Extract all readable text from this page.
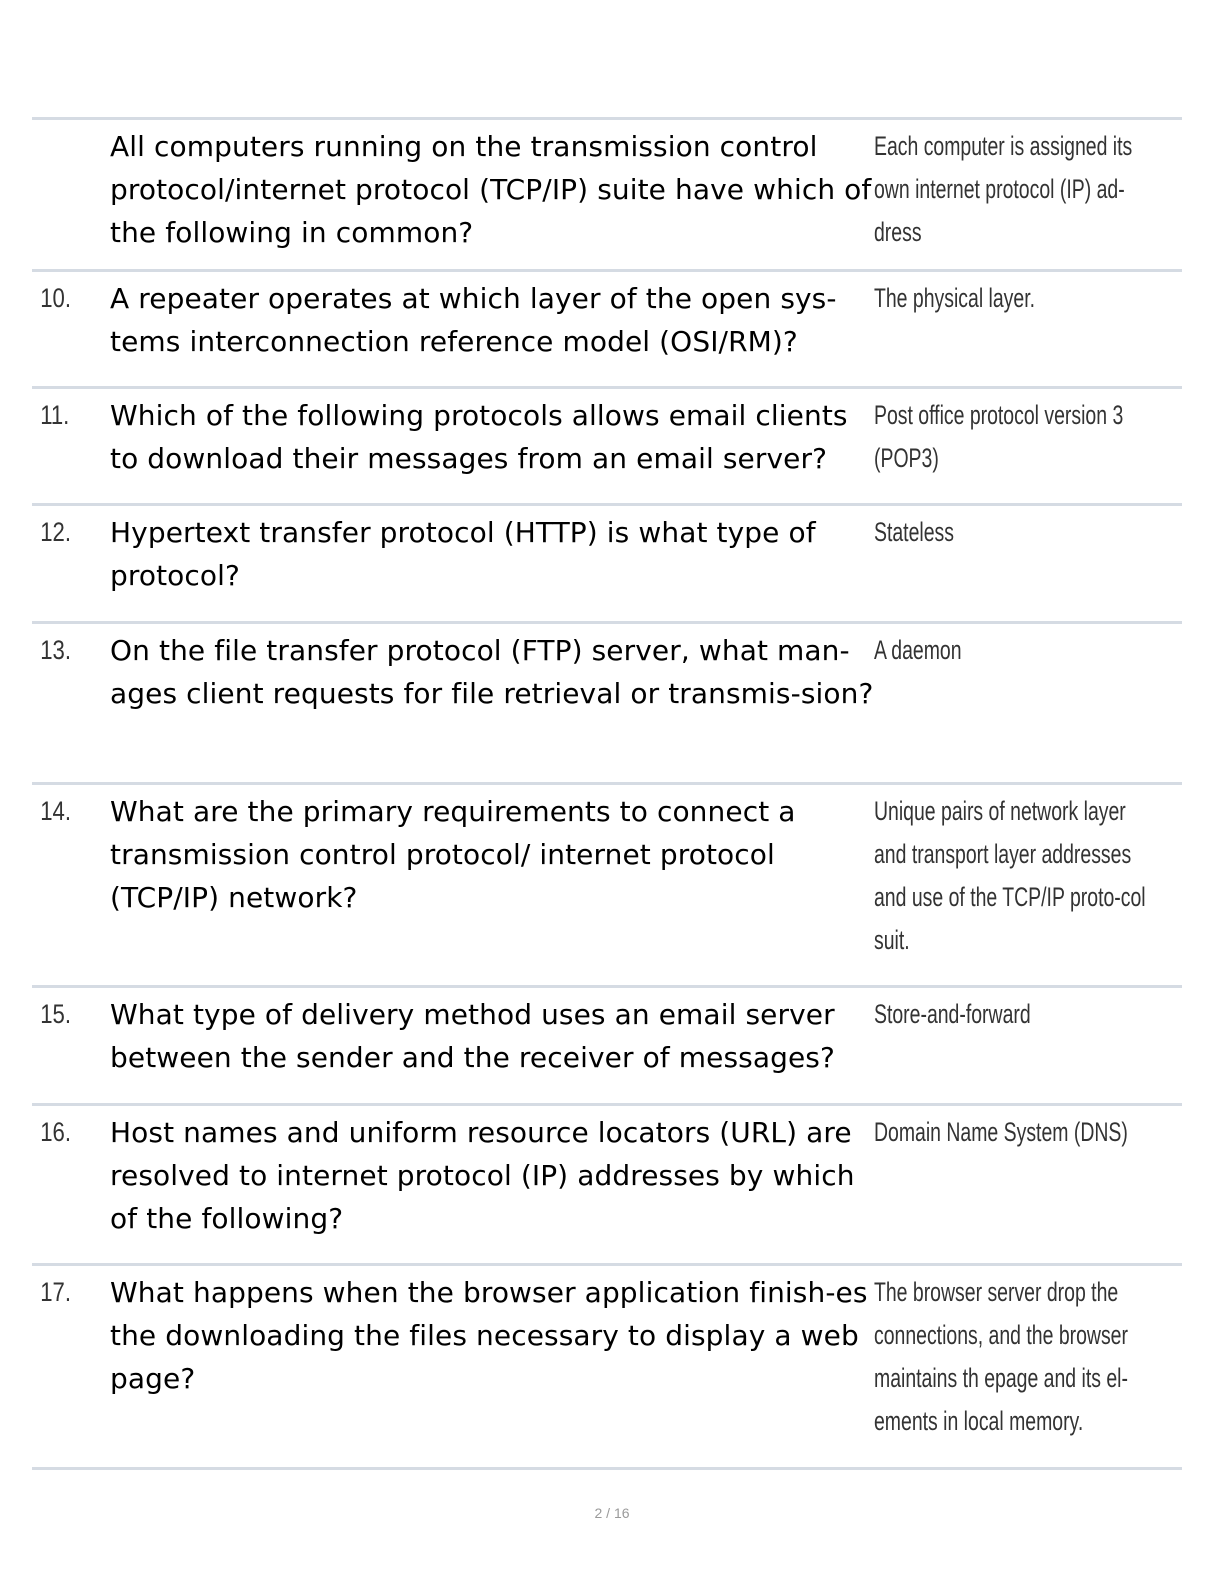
All computers running on the transmission control protocol/internet protocol (TCP/IP) suite have which of the following in common?
Each computer is assigned its own internet protocol (IP) ad-dress
10.	A repeater operates at which layer of the open sys-tems interconnection reference model (OSI/RM)?
The physical layer.
11.	Which of the following protocols allows email clients to download their messages from an email server?
Post office protocol version 3 (POP3)
12.	Hypertext transfer protocol (HTTP) is what type of protocol?
Stateless
13.	On the file transfer protocol (FTP) server, what man-ages client requests for file retrieval or transmis-sion?
A daemon
14.	What are the primary requirements to connect a transmission control protocol/ internet protocol (TCP/IP) network?
Unique pairs of network layer and transport layer addresses and use of the TCP/IP proto-col suit.
15.	What type of delivery method uses an email server between the sender and the receiver of messages?
Store-and-forward
16.	Host names and uniform resource locators (URL) are resolved to internet protocol (IP) addresses by which of the following?
Domain Name System (DNS)
17.	What happens when the browser application finish-es the downloading the files necessary to display a web page?
The browser server drop the connections, and the browser maintains th epage and its el-ements in local memory.
2 / 16
